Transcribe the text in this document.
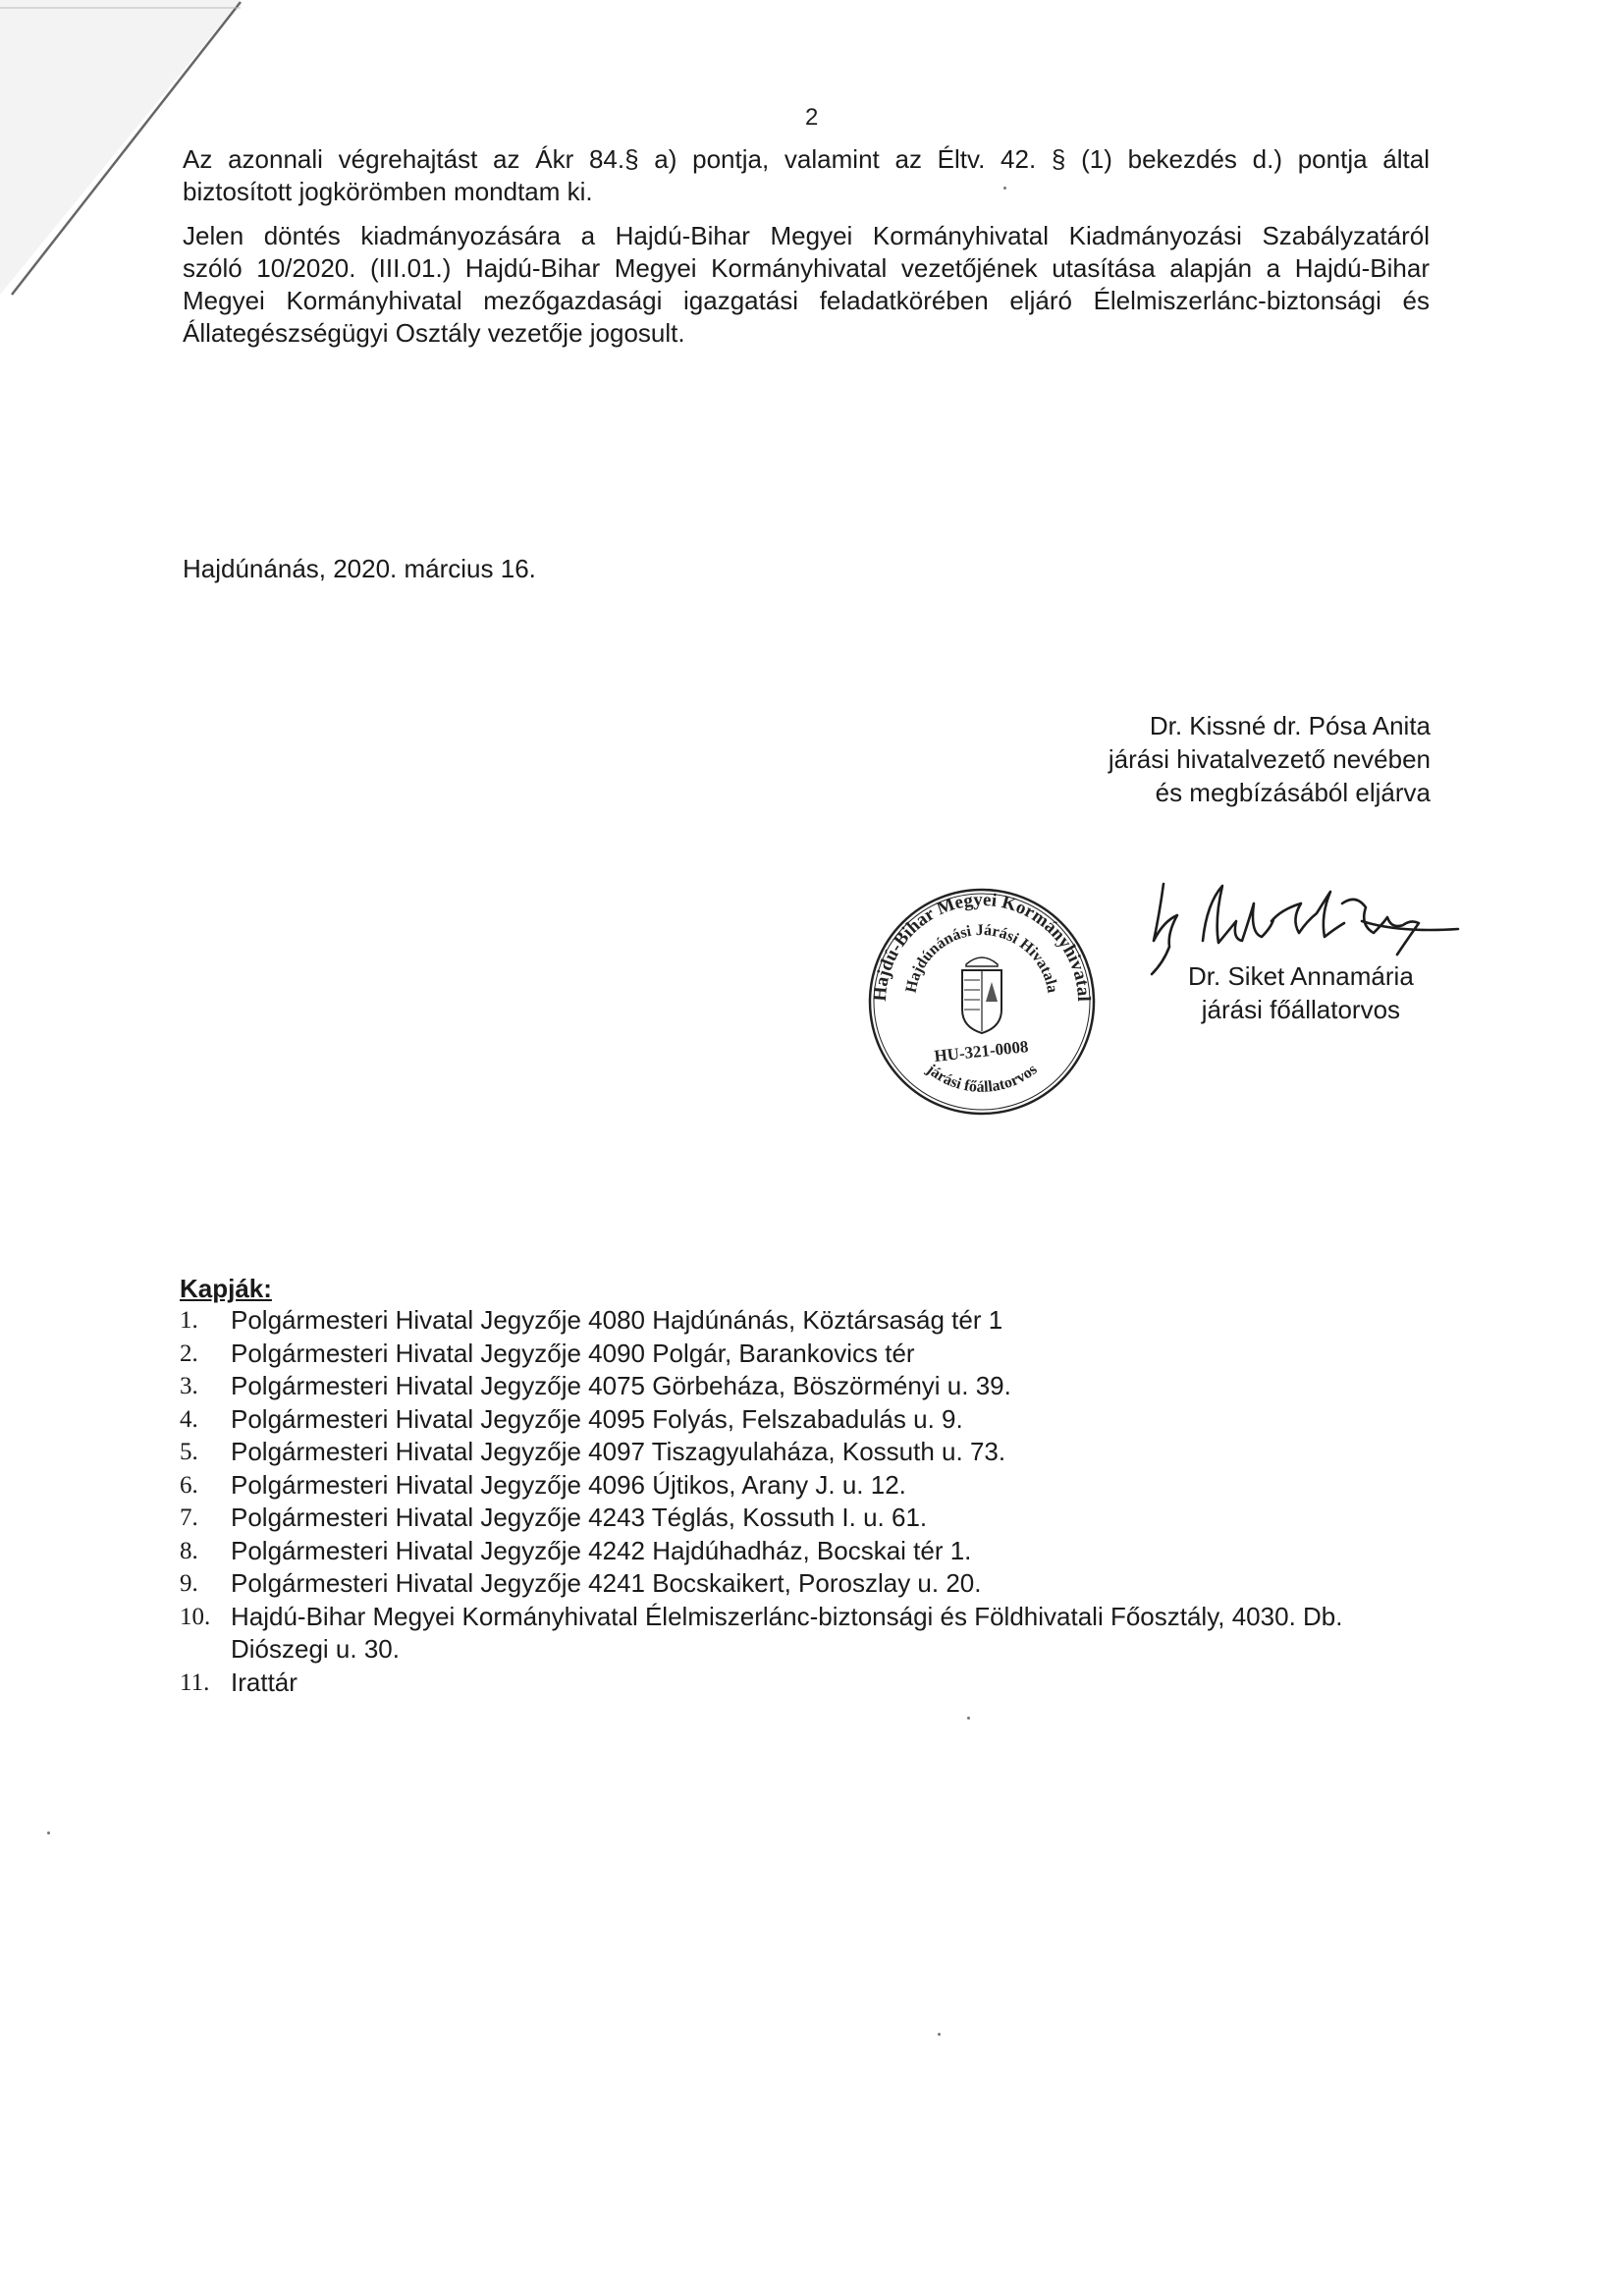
2

Az azonnali végrehajtást az Ákr 84.§ a) pontja, valamint az Éltv. 42. § (1) bekezdés d.) pontja által
biztosított jogkörömben mondtam ki.

Jelen döntés kiadmányozására a Hajdú-Bihar Megyei Kormányhivatal Kiadmányozási Szabályzatáról
szóló 10/2020. (III.01.) Hajdú-Bihar Megyei Kormányhivatal vezetőjének utasítása alapján a Hajdú-Bihar
Megyei Kormányhivatal mezőgazdasági igazgatási feladatkörében eljáró Élelmiszerlánc-biztonsági és
Állategészségügyi Osztály vezetője jogosult.

Hajdúnánás, 2020. március 16.

Dr. Kissné dr. Pósa Anita
járási hivatalvezető nevében
és megbízásából eljárva
Hajdú-Bihar Megyei Kormányhivatal
Hajdúnánási Járási Hivatala
járási főállatorvos
HU-321-0008
Dr. Siket Annamária
járási főállatorvos

Kapják:

1.	Polgármesteri Hivatal Jegyzője 4080 Hajdúnánás, Köztársaság tér 1
2.	Polgármesteri Hivatal Jegyzője 4090 Polgár, Barankovics tér
3.	Polgármesteri Hivatal Jegyzője 4075 Görbeháza, Böszörményi u. 39.
4.	Polgármesteri Hivatal Jegyzője 4095 Folyás, Felszabadulás u. 9.
5.	Polgármesteri Hivatal Jegyzője 4097 Tiszagyulaháza, Kossuth u. 73.
6.	Polgármesteri Hivatal Jegyzője 4096 Újtikos, Arany J. u. 12.
7.	Polgármesteri Hivatal Jegyzője 4243 Téglás, Kossuth I. u. 61.
8.	Polgármesteri Hivatal Jegyzője 4242 Hajdúhadház, Bocskai tér 1.
9.	Polgármesteri Hivatal Jegyzője 4241 Bocskaikert, Poroszlay u. 20.
10. Hajdú-Bihar Megyei Kormányhivatal Élelmiszerlánc-biztonsági és Földhivatali Főosztály, 4030. Db. Diószegi u. 30.
11. Irattár
